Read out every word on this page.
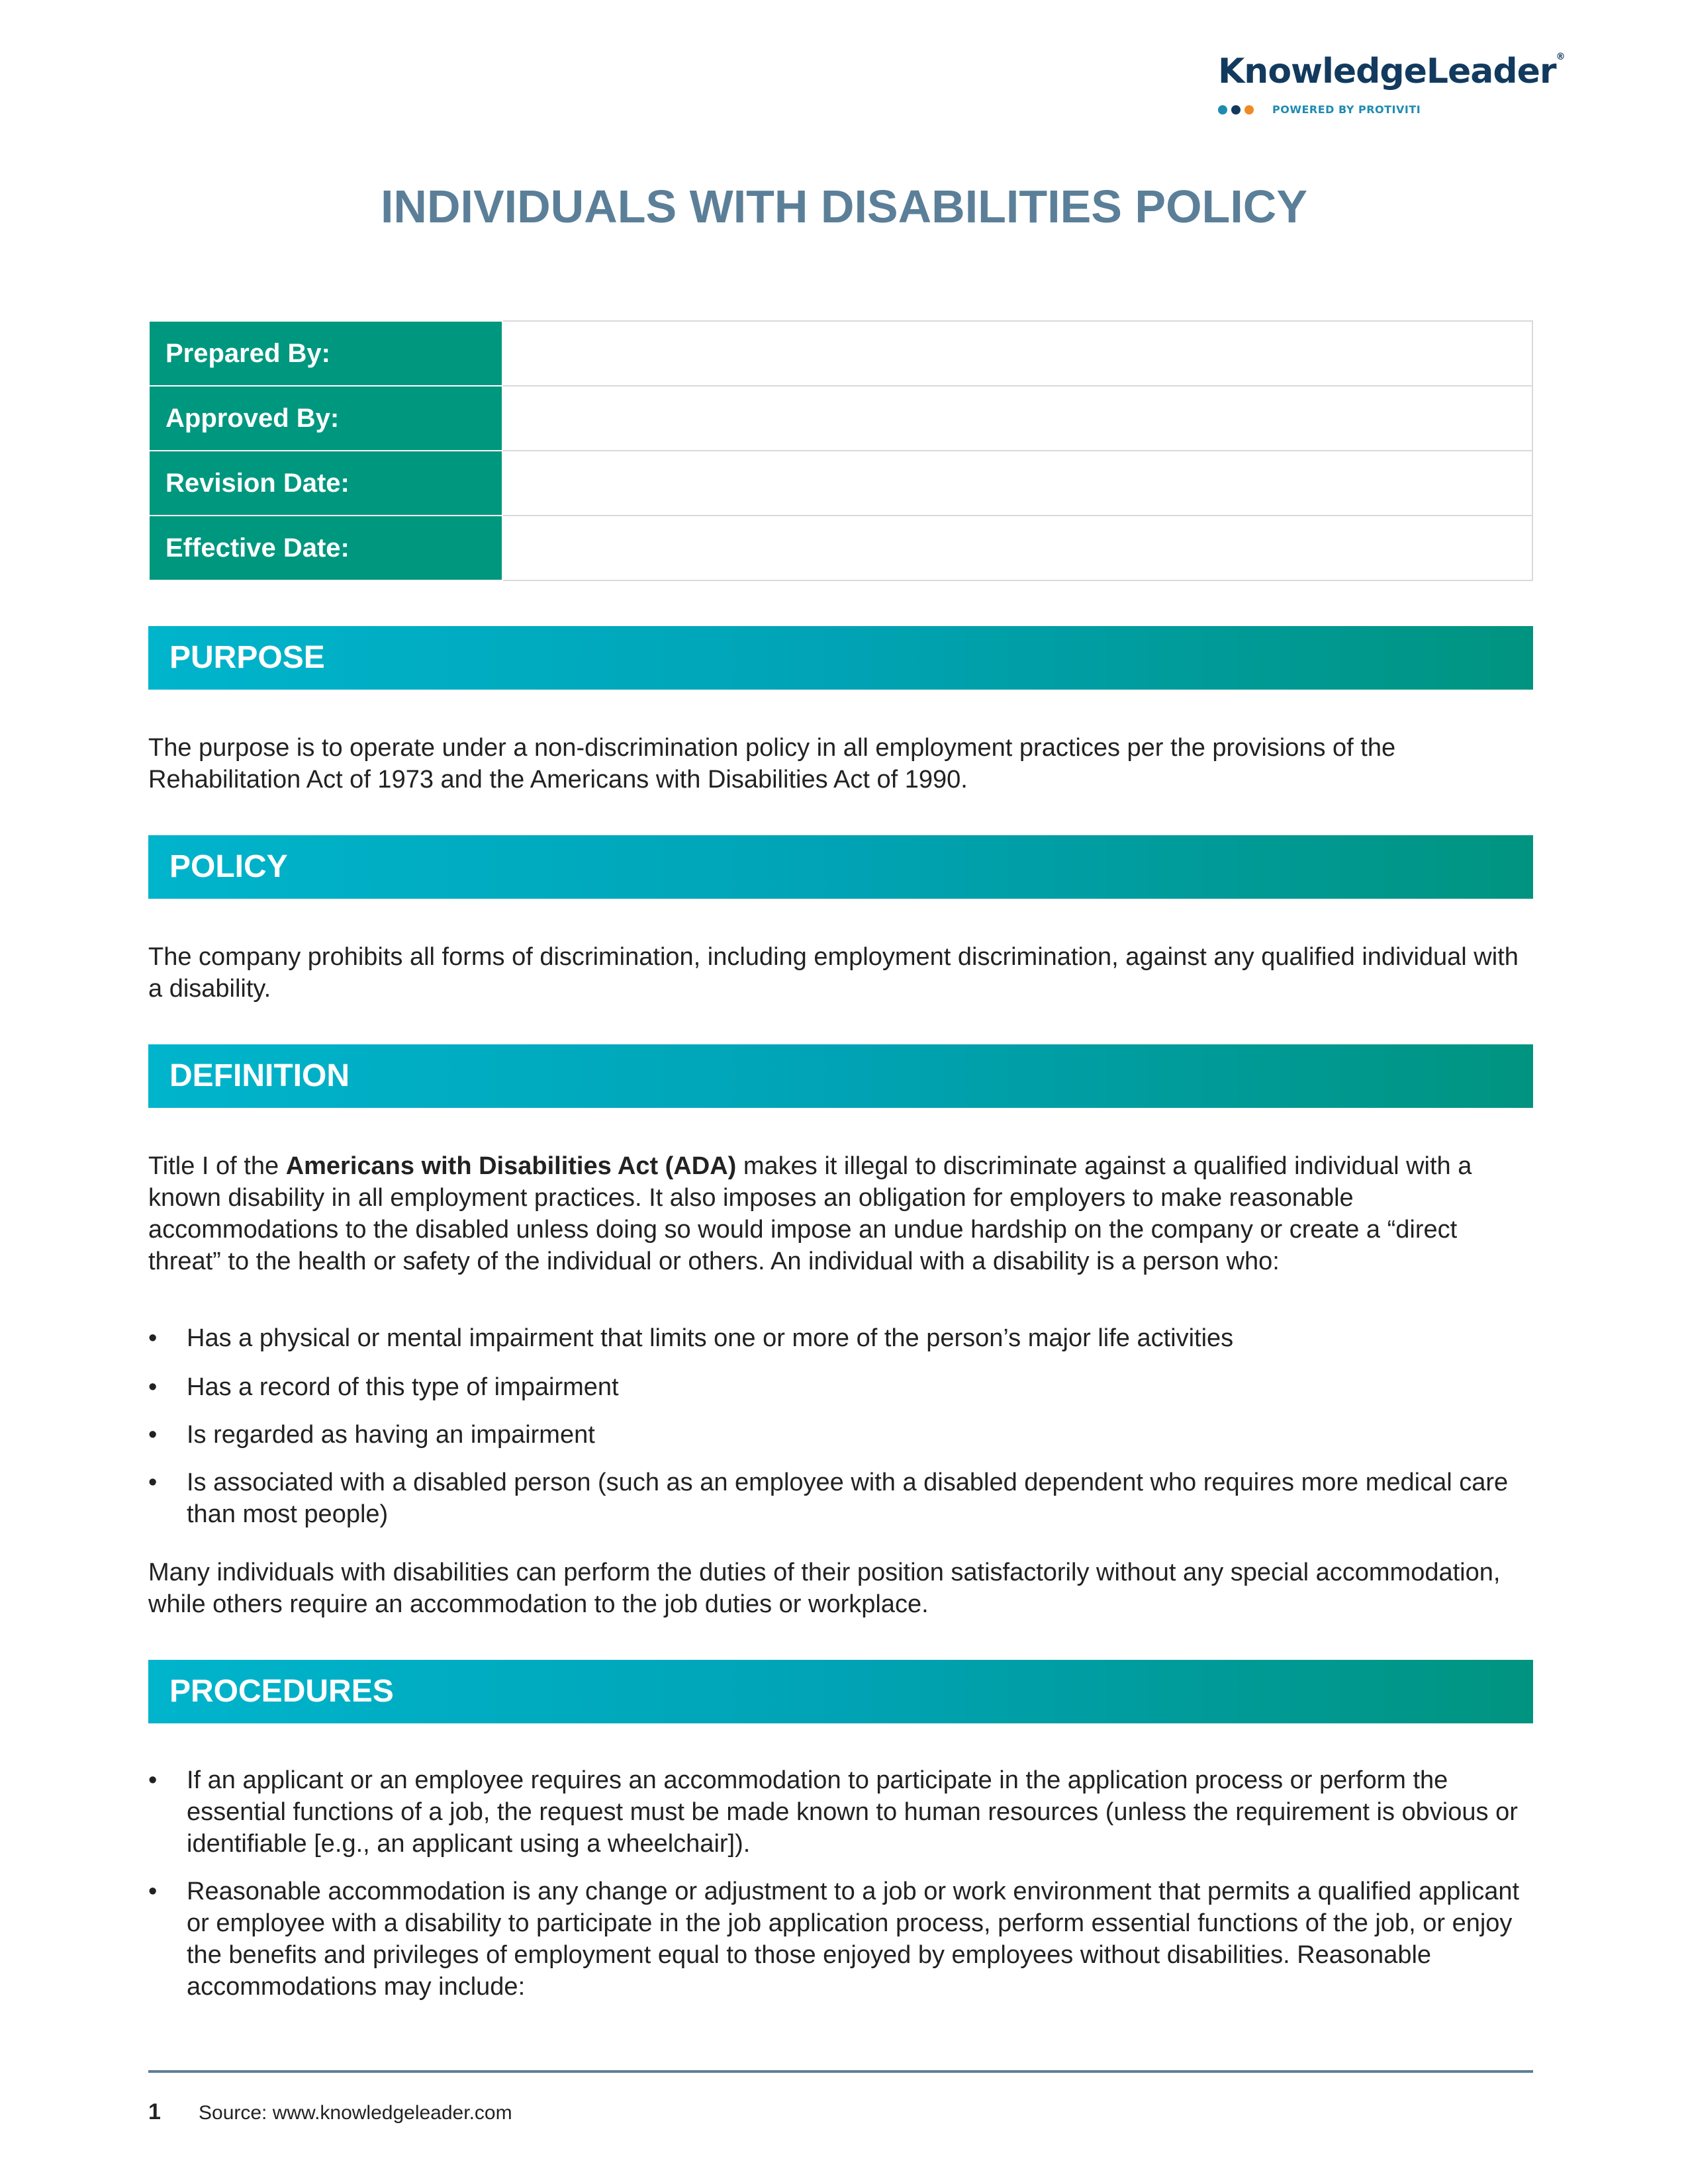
KnowledgeLeader®
POWERED BY PROTIVITI
INDIVIDUALS WITH DISABILITIES POLICY
Prepared By:	
Approved By:	
Revision Date:	
Effective Date:	
PURPOSE

The purpose is to operate under a non-discrimination policy in all employment practices per the provisions of the Rehabilitation Act of 1973 and the Americans with Disabilities Act of 1990.

POLICY

The company prohibits all forms of discrimination, including employment discrimination, against any qualified individual with a disability.

DEFINITION

Title I of the Americans with Disabilities Act (ADA) makes it illegal to discriminate against a qualified individual with a known disability in all employment practices. It also imposes an obligation for employers to make reasonable accommodations to the disabled unless doing so would impose an undue hardship on the company or create a “direct threat” to the health or safety of the individual or others. An individual with a disability is a person who:

• Has a physical or mental impairment that limits one or more of the person’s major life activities
• Has a record of this type of impairment
• Is regarded as having an impairment
• Is associated with a disabled person (such as an employee with a disabled dependent who requires more medical care than most people)

Many individuals with disabilities can perform the duties of their position satisfactorily without any special accommodation, while others require an accommodation to the job duties or workplace.

PROCEDURES
• If an applicant or an employee requires an accommodation to participate in the application process or perform the essential functions of a job, the request must be made known to human resources (unless the requirement is obvious or identifiable [e.g., an applicant using a wheelchair]).
• Reasonable accommodation is any change or adjustment to a job or work environment that permits a qualified applicant or employee with a disability to participate in the job application process, perform essential functions of the job, or enjoy the benefits and privileges of employment equal to those enjoyed by employees without disabilities. Reasonable accommodations may include:
1 Source: www.knowledgeleader.com
